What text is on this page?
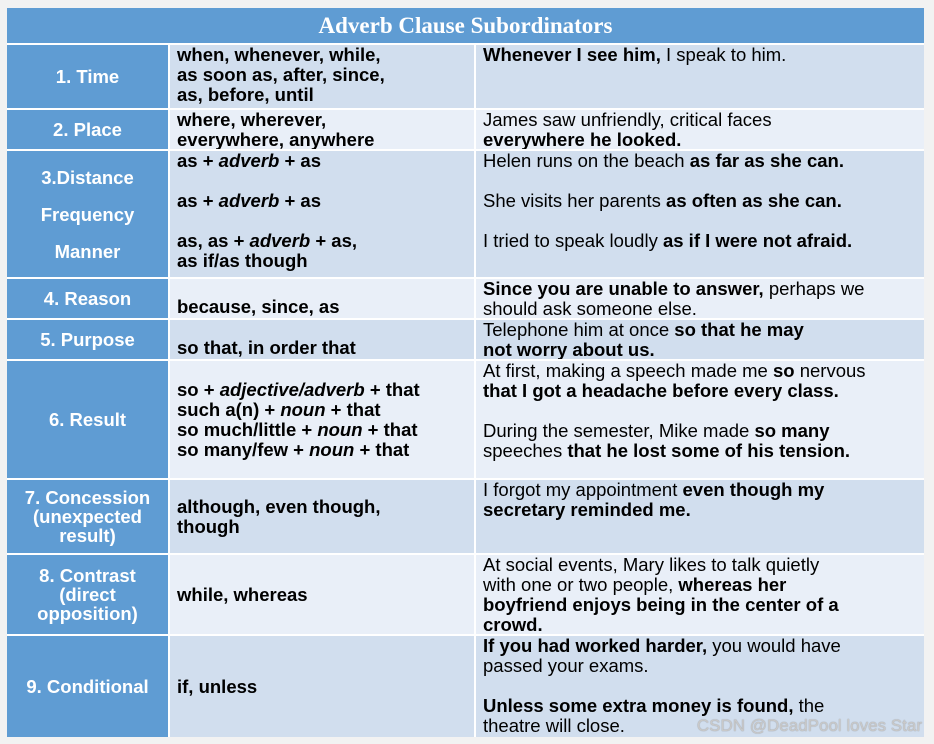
Adverb Clause Subordinators
1. Time
when, whenever, while,
as soon as, after, since,
as, before, until
Whenever I see him, I speak to him.
2. Place	where, wherever,
everywhere, anywhere
James saw unfriendly, critical faces
everywhere he looked.
3.Distance
Frequency
Manner
as + adverb + as
as + adverb + as
as, as + adverb + as,
as if/as though
Helen runs on the beach as far as she can.
She visits her parents as often as she can.
I tried to speak loudly as if I were not afraid.
4. Reason because, since, as
Since you are unable to answer, perhaps we
should ask someone else.
5. Purpose so that, in order that
Telephone him at once so that he may
not worry about us.
6. Result
so + adjective/adverb + that
such a(n) + noun + that
so much/little + noun + that
so many/few + noun + that
At first, making a speech made me so nervous
that I got a headache before every class.
During the semester, Mike made so many
speeches that he lost some of his tension.
7. Concession
(unexpected
result)
although, even though,
though
I forgot my appointment even though my
secretary reminded me.
8. Contrast
(direct
opposition)
while, whereas
At social events, Mary likes to talk quietly
with one or two people, whereas her
boyfriend enjoys being in the center of a
crowd.
9. Conditional if, unless
If you had worked harder, you would have
passed your exams.
Unless some extra money is found, the
theatre will close.	CSDN @DeadPool loves Star
